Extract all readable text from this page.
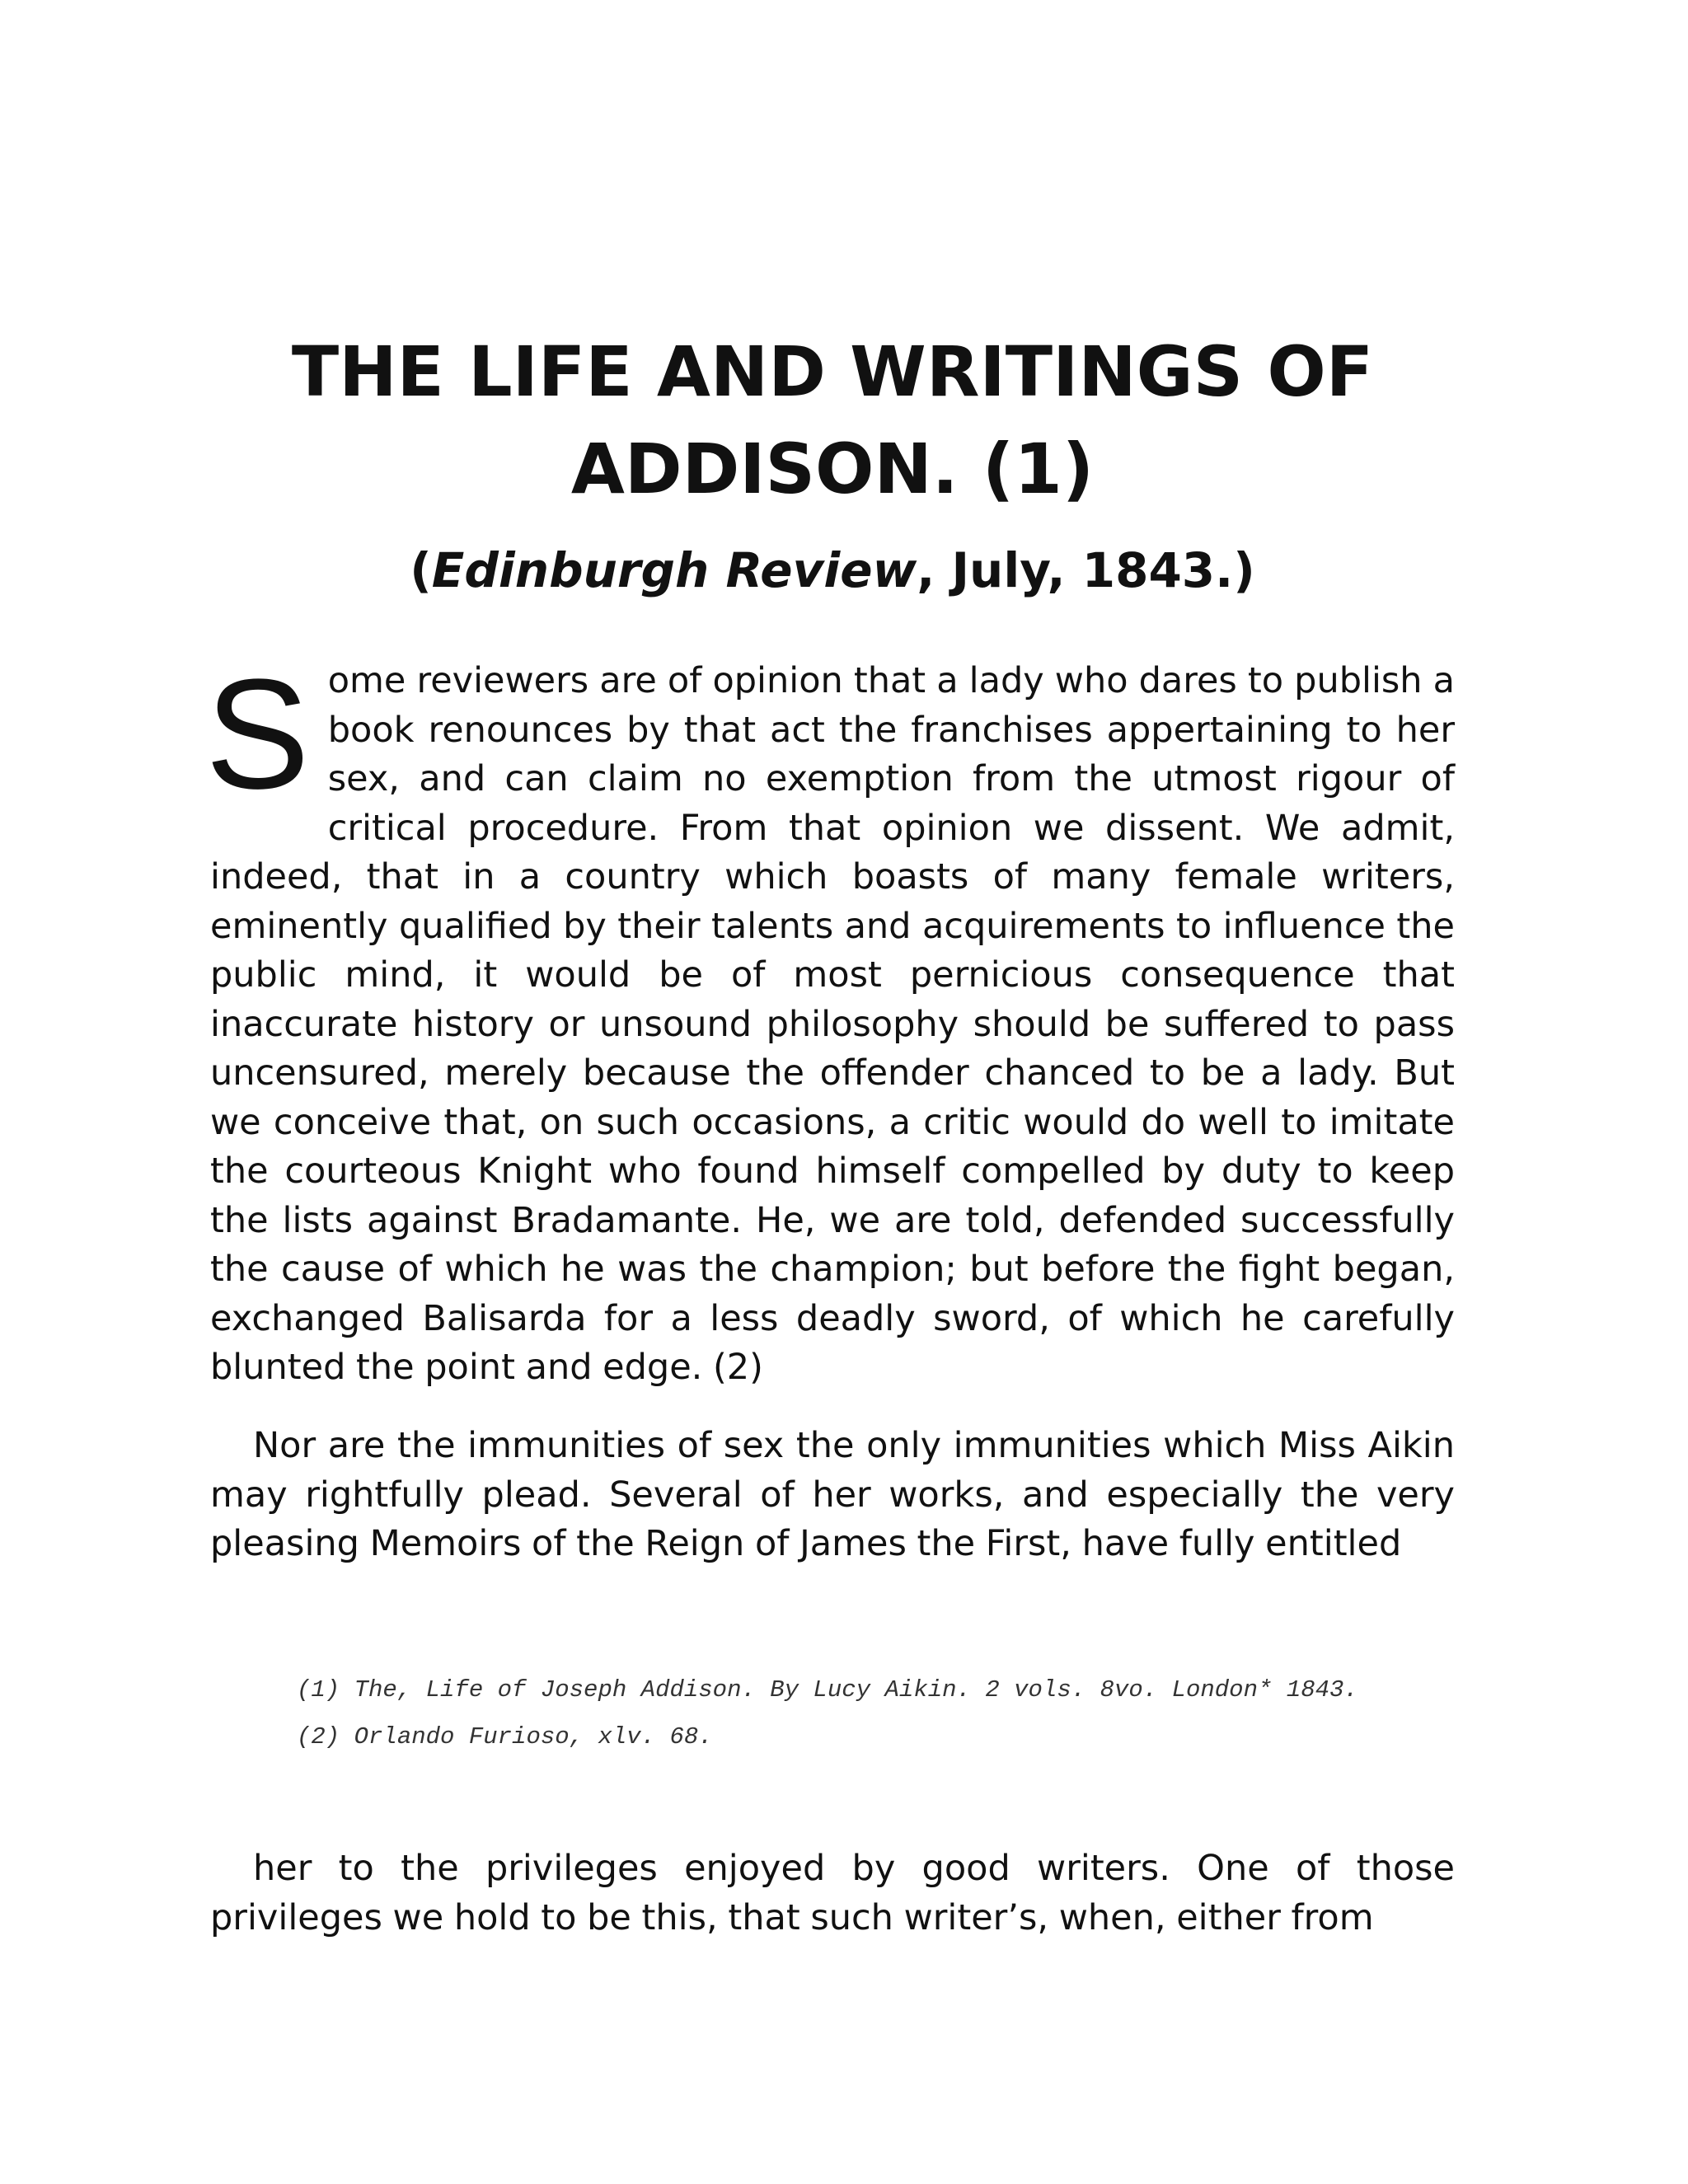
THE LIFE AND WRITINGS OF
ADDISON. (1)
(Edinburgh Review, July, 1843.)

Some reviewers are of opinion that a lady who dares to publish a book renounces by that act the franchises appertaining to her sex, and can claim no exemption from the utmost rigour of critical procedure. From that opinion we dissent. We admit, indeed, that in a country which boasts of many female writers, eminently qualified by their talents and acquirements to influence the public mind, it would be of most pernicious consequence that inaccurate history or unsound philosophy should be suffered to pass uncensured, merely because the offender chanced to be a lady. But we conceive that, on such occasions, a critic would do well to imitate the courteous Knight who found himself compelled by duty to keep the lists against Bradamante. He, we are told, defended successfully the cause of which he was the champion; but before the fight began, exchanged Balisarda for a less deadly sword, of which he carefully blunted the point and edge. (2)

Nor are the immunities of sex the only immunities which Miss Aikin may rightfully plead. Several of her works, and especially the very pleasing Memoirs of the Reign of James the First, have fully entitled

(1) The, Life of Joseph Addison. By Lucy Aikin. 2 vols. 8vo. London* 1843.

(2) Orlando Furioso, xlv. 68.

her to the privileges enjoyed by good writers. One of those privileges we hold to be this, that such writer’s, when, either from
